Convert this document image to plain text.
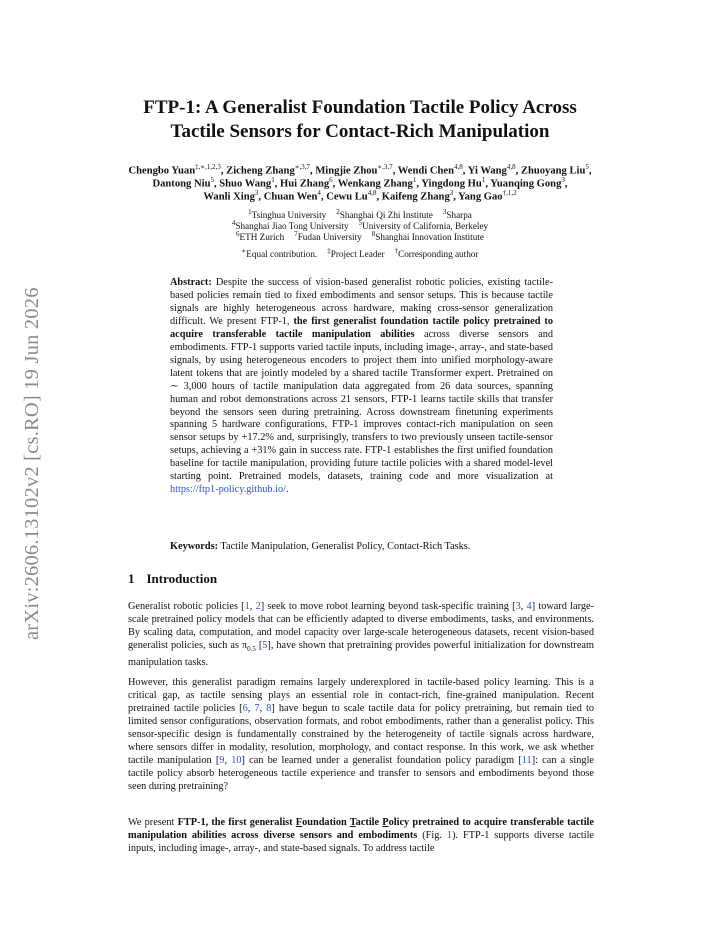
arXiv:2606.13102v2 [cs.RO] 19 Jun 2026
FTP-1: A Generalist Foundation Tactile Policy Across
Tactile Sensors for Contact-Rich Manipulation
Chengbo Yuan$^{\ddagger,∗,1,2,3}$, Zicheng Zhang$^{∗,3,7}$, Mingjie Zhou$^{∗,3,7}$, Wendi Chen$^{4,8}$, Yi Wang$^{4,8}$, Zhuoyang Liu$^5$,
Dantong Niu$^5$, Shuo Wang$^1$, Hui Zhang$^6$, Wenkang Zhang$^1$, Yingdong Hu$^1$, Yuanqing Gong$^3$,
Wanli Xing$^3$, Chuan Wen$^4$, Cewu Lu$^{4,8}$, Kaifeng Zhang$^3$, Yang Gao$^{\dagger,1,2}$
$^1$Tsinghua University $^2$Shanghai Qi Zhi Institute $^3$Sharpa
$^4$Shanghai Jiao Tong University $^5$University of California, Berkeley
$^6$ETH Zurich $^7$Fudan University $^8$Shanghai Innovation Institute
∗Equal contribution. ‡Project Leader †Corresponding author

Abstract: Despite the success of vision-based generalist robotic policies, existing tactile-based policies remain tied to fixed embodiments and sensor setups. This is because tactile signals are highly heterogeneous across hardware, making cross-sensor generalization difficult. We present FTP-1, the first generalist foundation tactile policy pretrained to acquire transferable tactile manipulation abilities across diverse sensors and embodiments. FTP-1 supports varied tactile inputs, including image-, array-, and state-based signals, by using heterogeneous encoders to project them into unified morphology-aware latent tokens that are jointly modeled by a shared tactile Transformer expert. Pretrained on ∼ 3,000 hours of tactile manipulation data aggregated from 26 data sources, spanning human and robot demonstrations across 21 sensors, FTP-1 learns tactile skills that transfer beyond the sensors seen during pretraining. Across downstream finetuning experiments spanning 5 hardware configurations, FTP-1 improves contact-rich manipulation on seen sensor setups by +17.2% and, surprisingly, transfers to two previously unseen tactile-sensor setups, achieving a +31% gain in success rate. FTP-1 establishes the first unified foundation baseline for tactile manipulation, providing future tactile policies with a shared model-level starting point. Pretrained models, datasets, training code and more visualization at https://ftp1-policy.github.io/.

Keywords: Tactile Manipulation, Generalist Policy, Contact-Rich Tasks.
1 Introduction

Generalist robotic policies [1, 2] seek to move robot learning beyond task-specific training [3, 4] toward large-scale pretrained policy models that can be efficiently adapted to diverse embodiments, tasks, and environments. By scaling data, computation, and model capacity over large-scale heterogeneous datasets, recent vision-based generalist policies, such as $\pi_{0.5}$ [5], have shown that pretraining provides powerful initialization for downstream manipulation tasks.

However, this generalist paradigm remains largely underexplored in tactile-based policy learning. This is a critical gap, as tactile sensing plays an essential role in contact-rich, fine-grained manipulation. Recent pretrained tactile policies [6, 7, 8] have begun to scale tactile data for policy pretraining, but remain tied to limited sensor configurations, observation formats, and robot embodiments, rather than a generalist policy. This sensor-specific design is fundamentally constrained by the heterogeneity of tactile signals across hardware, where sensors differ in modality, resolution, morphology, and contact response. In this work, we ask whether tactile manipulation [9, 10] can be learned under a generalist foundation policy paradigm [11]: can a single tactile policy absorb heterogeneous tactile experience and transfer to sensors and embodiments beyond those seen during pretraining?

We present FTP-1, the first generalist Foundation Tactile Policy pretrained to acquire transferable tactile manipulation abilities across diverse sensors and embodiments (Fig. 1). FTP-1 supports diverse tactile inputs, including image-, array-, and state-based signals. To address tactile
